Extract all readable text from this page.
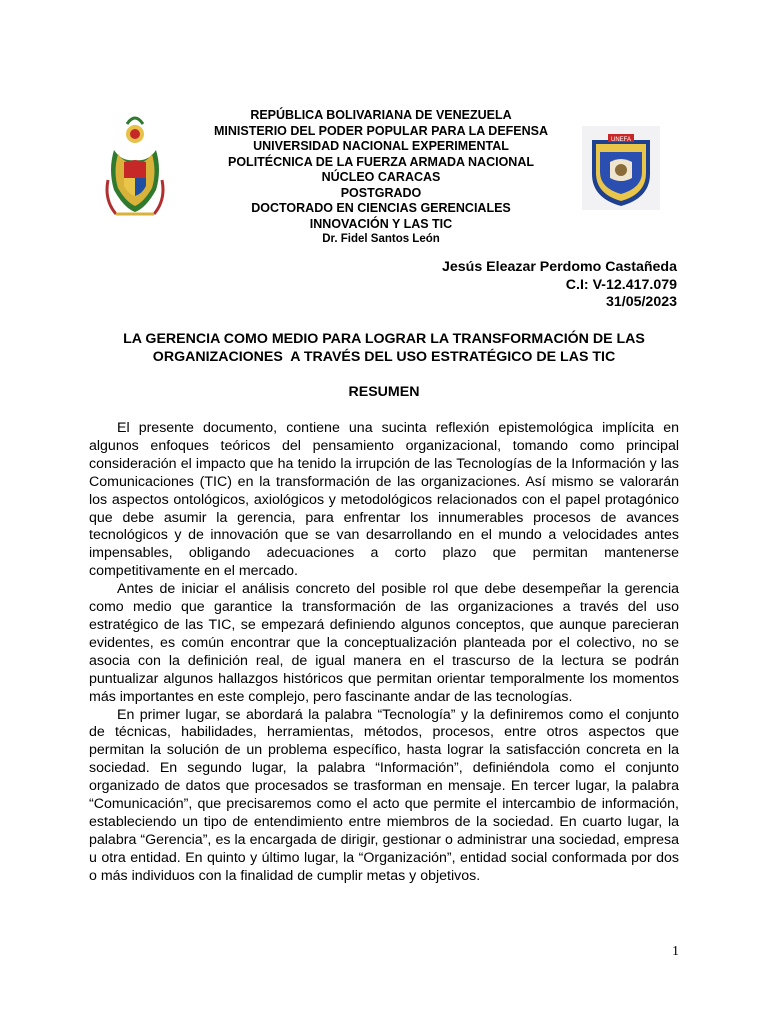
REPÚBLICA BOLIVARIANA DE VENEZUELA
MINISTERIO DEL PODER POPULAR PARA LA DEFENSA
UNIVERSIDAD NACIONAL EXPERIMENTAL
POLITÉCNICA DE LA FUERZA ARMADA NACIONAL
NÚCLEO CARACAS
POSTGRADO
DOCTORADO EN CIENCIAS GERENCIALES
INNOVACIÓN Y LAS TIC
Dr. Fidel Santos León
UNEFA
Jesús Eleazar Perdomo Castañeda
C.I: V-12.417.079
31/05/2023
LA GERENCIA COMO MEDIO PARA LOGRAR LA TRANSFORMACIÓN DE LAS
ORGANIZACIONES  A TRAVÉS DEL USO ESTRATÉGICO DE LAS TIC
RESUMEN

El presente documento, contiene una sucinta reflexión epistemológica implícita en algunos enfoques teóricos del pensamiento organizacional, tomando como principal consideración el impacto que ha tenido la irrupción de las Tecnologías de la Información y las Comunicaciones (TIC) en la transformación de las organizaciones. Así mismo se valorarán los aspectos ontológicos, axiológicos y metodológicos relacionados con el papel protagónico que debe asumir la gerencia, para enfrentar los innumerables procesos de avances tecnológicos y de innovación que se van desarrollando en el mundo a velocidades antes impensables, obligando adecuaciones a corto plazo que permitan mantenerse competitivamente en el mercado.

Antes de iniciar el análisis concreto del posible rol que debe desempeñar la gerencia como medio que garantice la transformación de las organizaciones a través del uso estratégico de las TIC, se empezará definiendo algunos conceptos, que aunque parecieran evidentes, es común encontrar que la conceptualización planteada por el colectivo, no se asocia con la definición real, de igual manera en el trascurso de la lectura se podrán puntualizar algunos hallazgos históricos que permitan orientar temporalmente los momentos más importantes en este complejo, pero fascinante andar de las tecnologías.

En primer lugar, se abordará la palabra “Tecnología” y la definiremos como el conjunto de técnicas, habilidades, herramientas, métodos, procesos, entre otros aspectos que permitan la solución de un problema específico, hasta lograr la satisfacción concreta en la sociedad. En segundo lugar, la palabra “Información”, definiéndola como el conjunto organizado de datos que procesados se trasforman en mensaje. En tercer lugar, la palabra “Comunicación”, que precisaremos como el acto que permite el intercambio de información, estableciendo un tipo de entendimiento entre miembros de la sociedad. En cuarto lugar, la palabra “Gerencia”, es la encargada de dirigir, gestionar o administrar una sociedad, empresa u otra entidad. En quinto y último lugar, la “Organización”, entidad social conformada por dos o más individuos con la finalidad de cumplir metas y objetivos.

1
